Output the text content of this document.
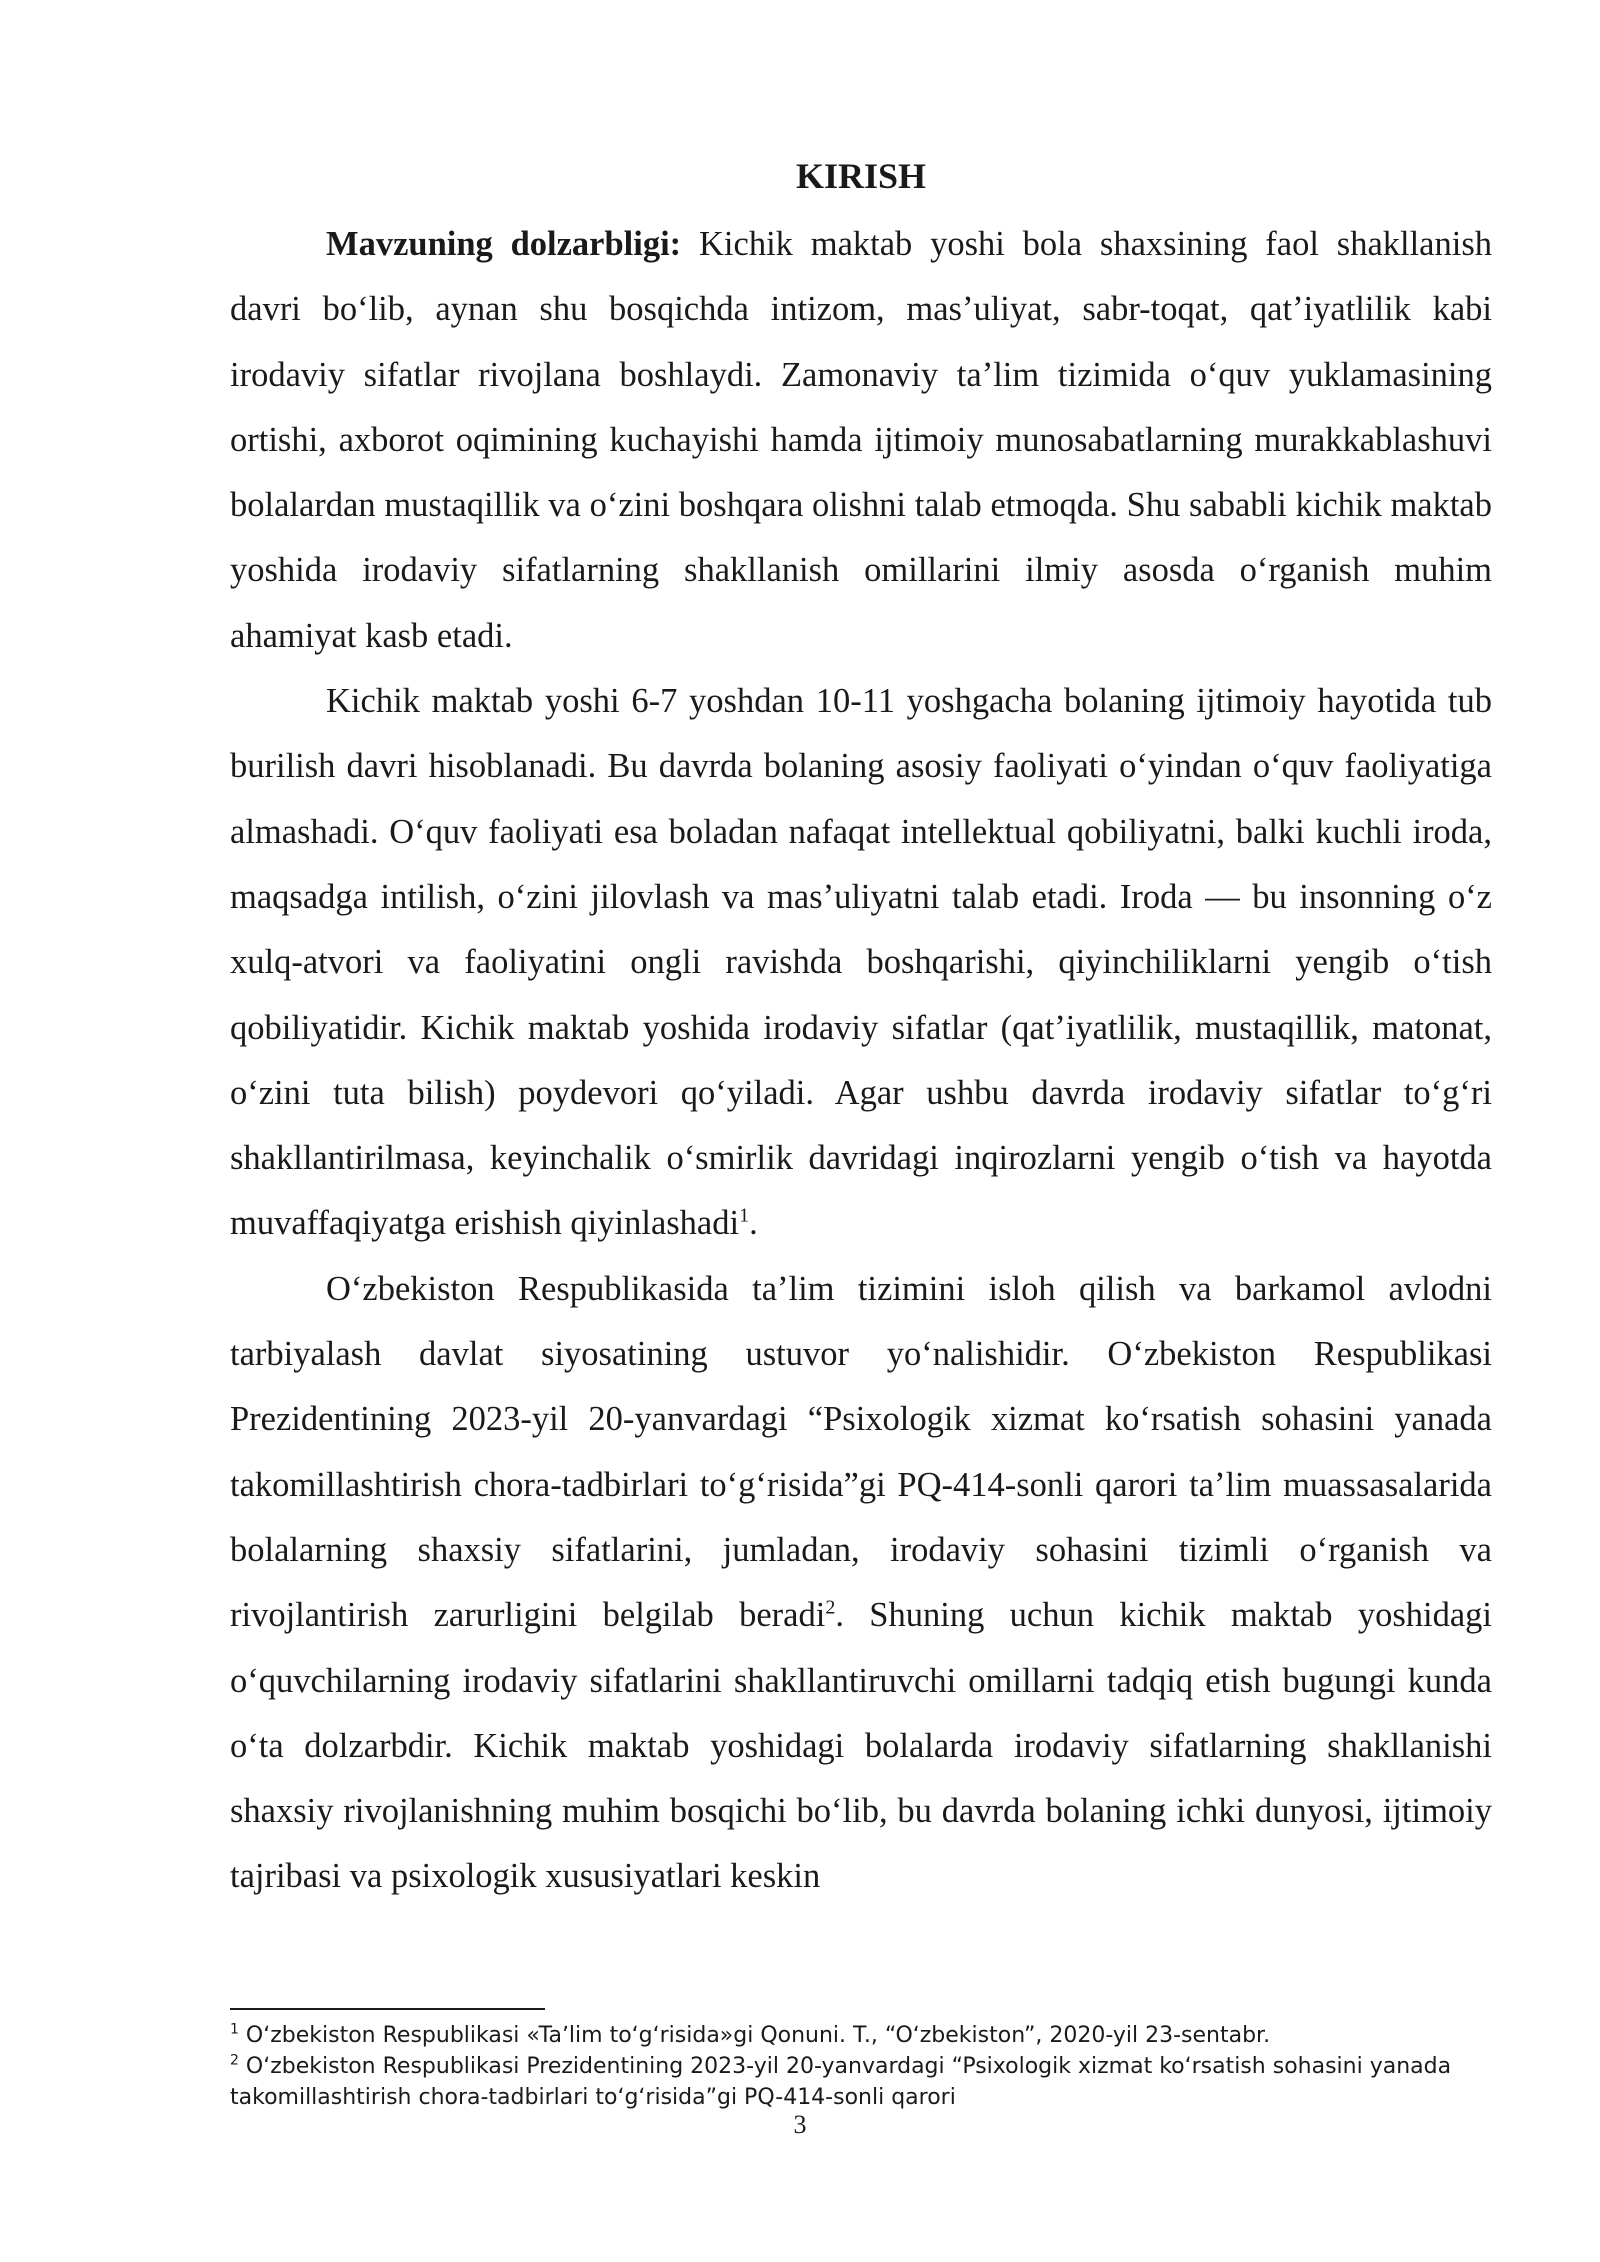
KIRISH

Mavzuning dolzarbligi: Kichik maktab yoshi bola shaxsining faol shakllanish davri boʻlib, aynan shu bosqichda intizom, masʼuliyat, sabr-toqat, qatʼiyatlilik kabi irodaviy sifatlar rivojlana boshlaydi. Zamonaviy taʼlim tizimida oʻquv yuklamasining ortishi, axborot oqimining kuchayishi hamda ijtimoiy munosabatlarning murakkablashuvi bolalardan mustaqillik va oʻzini boshqara olishni talab etmoqda. Shu sababli kichik maktab yoshida irodaviy sifatlarning shakllanish omillarini ilmiy asosda oʻrganish muhim ahamiyat kasb etadi.

Kichik maktab yoshi 6-7 yoshdan 10-11 yoshgacha bolaning ijtimoiy hayotida tub burilish davri hisoblanadi. Bu davrda bolaning asosiy faoliyati oʻyindan oʻquv faoliyatiga almashadi. Oʻquv faoliyati esa boladan nafaqat intellektual qobiliyatni, balki kuchli iroda, maqsadga intilish, oʻzini jilovlash va masʼuliyatni talab etadi. Iroda — bu insonning oʻz xulq-atvori va faoliyatini ongli ravishda boshqarishi, qiyinchiliklarni yengib oʻtish qobiliyatidir. Kichik maktab yoshida irodaviy sifatlar (qatʼiyatlilik, mustaqillik, matonat, oʻzini tuta bilish) poydevori qoʻyiladi. Agar ushbu davrda irodaviy sifatlar toʻgʻri shakllantirilmasa, keyinchalik oʻsmirlik davridagi inqirozlarni yengib oʻtish va hayotda muvaffaqiyatga erishish qiyinlashadi$^1$.

Oʻzbekiston Respublikasida taʼlim tizimini isloh qilish va barkamol avlodni tarbiyalash davlat siyosatining ustuvor yoʻnalishidir. Oʻzbekiston Respublikasi Prezidentining 2023-yil 20-yanvardagi “Psixologik xizmat koʻrsatish sohasini yanada takomillashtirish chora-tadbirlari toʻgʻrisida”gi PQ-414-sonli qarori taʼlim muassasalarida bolalarning shaxsiy sifatlarini, jumladan, irodaviy sohasini tizimli oʻrganish va rivojlantirish zarurligini belgilab beradi$^2$. Shuning uchun kichik maktab yoshidagi oʻquvchilarning irodaviy sifatlarini shakllantiruvchi omillarni tadqiq etish bugungi kunda oʻta dolzarbdir. Kichik maktab yoshidagi bolalarda irodaviy sifatlarning shakllanishi shaxsiy rivojlanishning muhim bosqichi boʻlib, bu davrda bolaning ichki dunyosi, ijtimoiy tajribasi va psixologik xususiyatlari keskin

$^1$ Oʻzbekiston Respublikasi «Taʼlim toʻgʻrisida»gi Qonuni. T., “Oʻzbekiston”, 2020-yil 23-sentabr.

$^2$ Oʻzbekiston Respublikasi Prezidentining 2023-yil 20-yanvardagi “Psixologik xizmat koʻrsatish sohasini yanada takomillashtirish chora-tadbirlari toʻgʻrisida”gi PQ-414-sonli qarori

3
